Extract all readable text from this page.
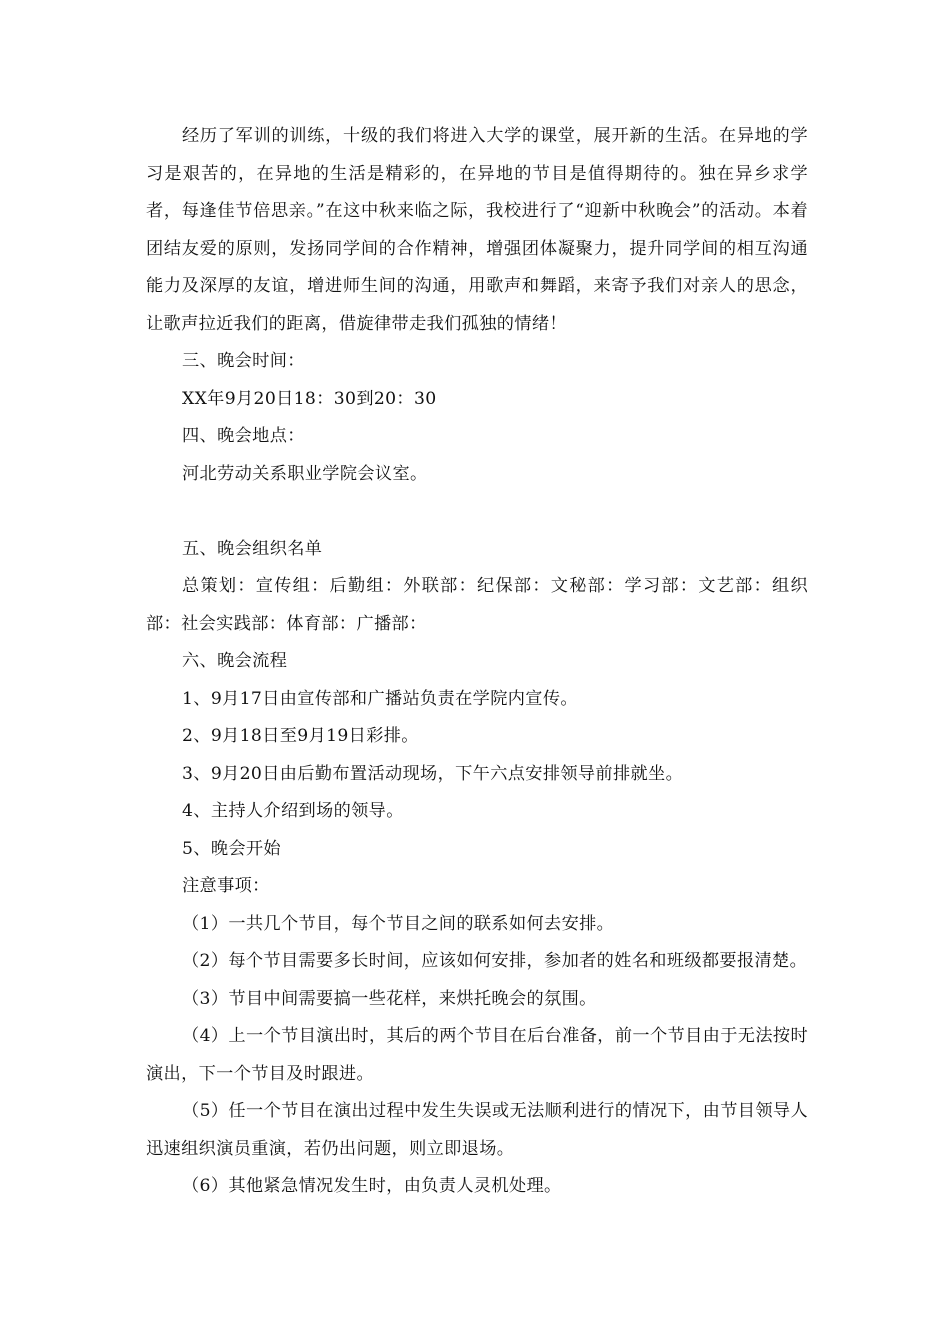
经历了军训的训练，十级的我们将进入大学的课堂，展开新的生活。在异地的学习是艰苦的，在异地的生活是精彩的，在异地的节目是值得期待的。独在异乡求学者，每逢佳节倍思亲。”在这中秋来临之际，我校进行了“迎新中秋晚会”的活动。本着团结友爱的原则，发扬同学间的合作精神，增强团体凝聚力，提升同学间的相互沟通能力及深厚的友谊，增进师生间的沟通，用歌声和舞蹈，来寄予我们对亲人的思念，让歌声拉近我们的距离，借旋律带走我们孤独的情绪！

三、晚会时间：

XX年9月20日18：30到20：30

四、晚会地点：

河北劳动关系职业学院会议室。

五、晚会组织名单

总策划：宣传组：后勤组：外联部：纪保部：文秘部：学习部：文艺部：组织部：社会实践部：体育部：广播部：

六、晚会流程

1、9月17日由宣传部和广播站负责在学院内宣传。

2、9月18日至9月19日彩排。

3、9月20日由后勤布置活动现场，下午六点安排领导前排就坐。

4、主持人介绍到场的领导。

5、晚会开始

注意事项：

（1）一共几个节目，每个节目之间的联系如何去安排。

（2）每个节目需要多长时间，应该如何安排，参加者的姓名和班级都要报清楚。

（3）节目中间需要搞一些花样，来烘托晚会的氛围。

（4）上一个节目演出时，其后的两个节目在后台准备，前一个节目由于无法按时演出，下一个节目及时跟进。

（5）任一个节目在演出过程中发生失误或无法顺利进行的情况下，由节目领导人迅速组织演员重演，若仍出问题，则立即退场。

（6）其他紧急情况发生时，由负责人灵机处理。
